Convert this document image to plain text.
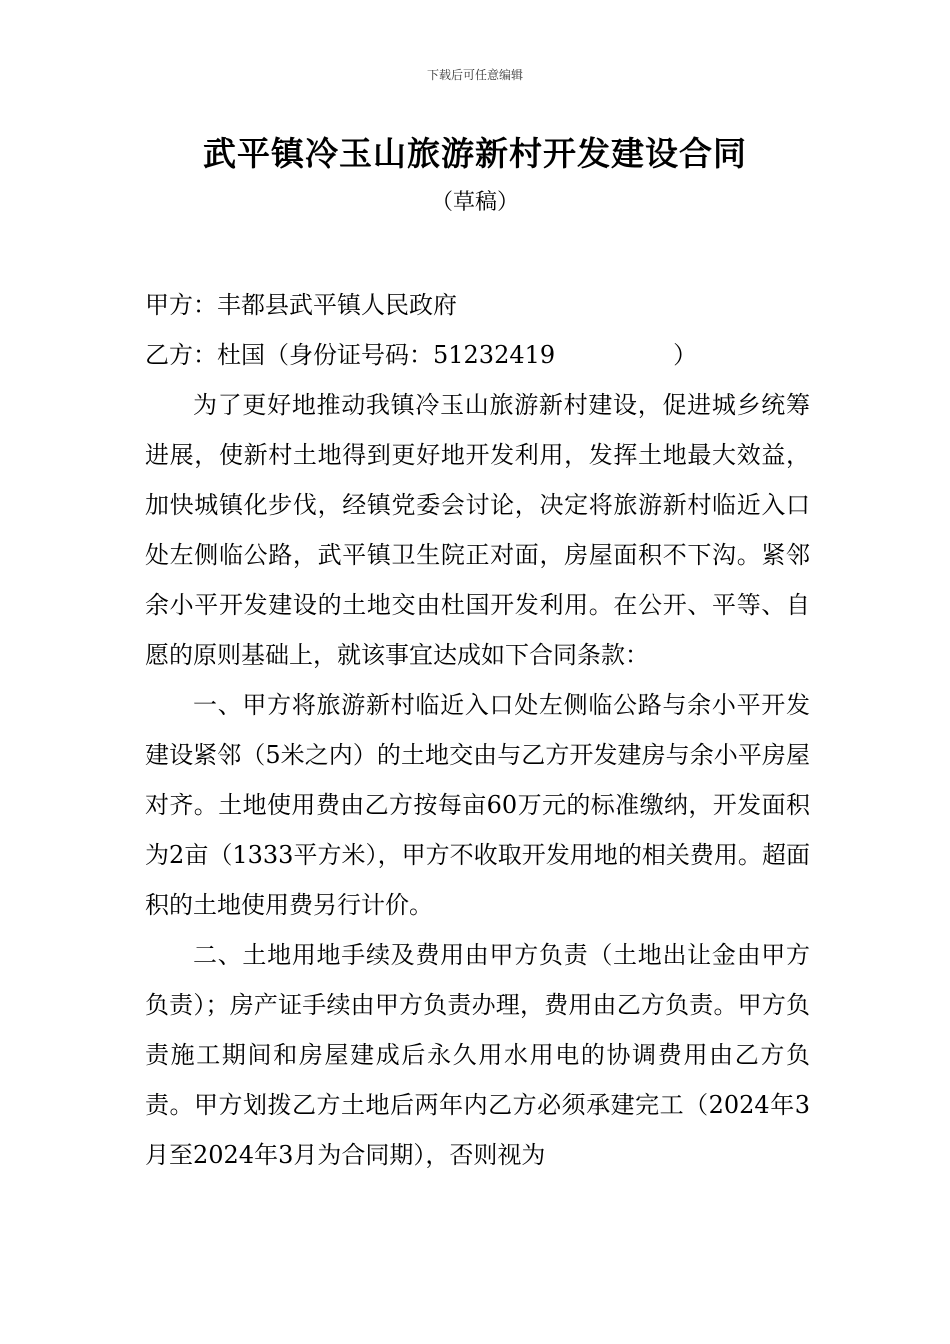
下载后可任意编辑
武平镇冷玉山旅游新村开发建设合同
（草稿）

甲方：丰都县武平镇人民政府

乙方：杜国（身份证号码：51232419	）

为了更好地推动我镇冷玉山旅游新村建设，促进城乡统筹进展，使新村土地得到更好地开发利用，发挥土地最大效益，加快城镇化步伐，经镇党委会讨论，决定将旅游新村临近入口处左侧临公路，武平镇卫生院正对面，房屋面积不下沟。紧邻余小平开发建设的土地交由杜国开发利用。在公开、平等、自愿的原则基础上，就该事宜达成如下合同条款：

一、甲方将旅游新村临近入口处左侧临公路与余小平开发建设紧邻（5米之内）的土地交由与乙方开发建房与余小平房屋对齐。土地使用费由乙方按每亩60万元的标准缴纳，开发面积为2亩（1333平方米），甲方不收取开发用地的相关费用。超面积的土地使用费另行计价。

二、土地用地手续及费用由甲方负责（土地出让金由甲方负责）；房产证手续由甲方负责办理，费用由乙方负责。甲方负责施工期间和房屋建成后永久用水用电的协调费用由乙方负责。甲方划拨乙方土地后两年内乙方必须承建完工（2024年3月至2024年3月为合同期），否则视为
